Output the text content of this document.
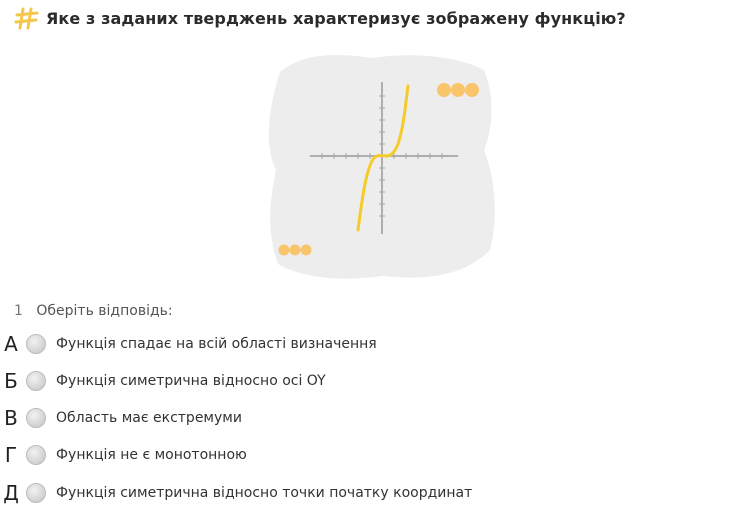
Яке з заданих тверджень характеризує зображену функцію?
1 Оберіть відповідь:
А	Функція спадає на всій області визначення
Б	Функція симетрична відносно осі OY
В	Область має екстремуми
Г	Функція не є монотонною
Д	Функція симетрична відносно точки початку координат
